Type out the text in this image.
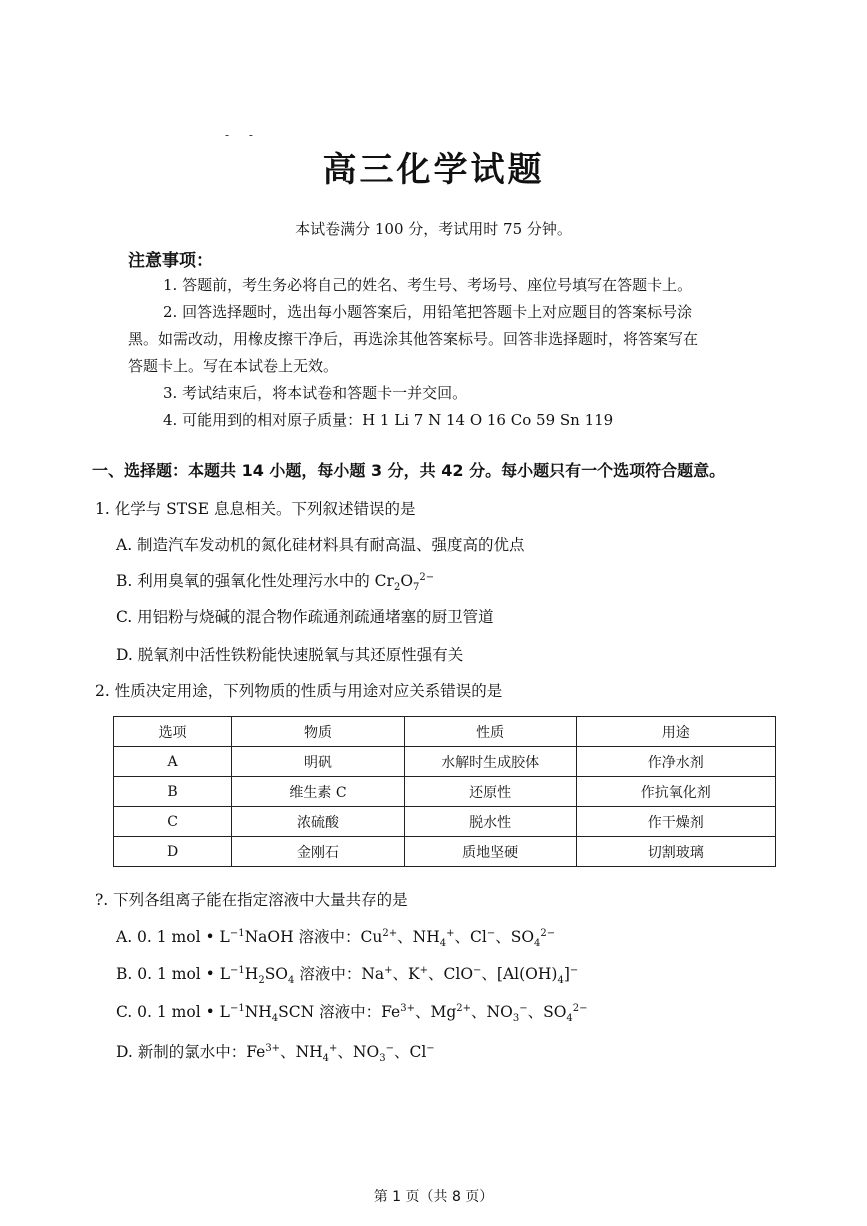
- -
高三化学试题
本试卷满分 100 分，考试用时 75 分钟。
注意事项：

1. 答题前，考生务必将自己的姓名、考生号、考场号、座位号填写在答题卡上。

2. 回答选择题时，选出每小题答案后，用铅笔把答题卡上对应题目的答案标号涂

黑。如需改动，用橡皮擦干净后，再选涂其他答案标号。回答非选择题时，将答案写在

答题卡上。写在本试卷上无效。

3. 考试结束后，将本试卷和答题卡一并交回。

4. 可能用到的相对原子质量：H 1 Li 7 N 14 O 16 Co 59 Sn 119

一、选择题：本题共 14 小题，每小题 3 分，共 42 分。每小题只有一个选项符合题意。
1. 化学与 STSE 息息相关。下列叙述错误的是
A. 制造汽车发动机的氮化硅材料具有耐高温、强度高的优点
B. 利用臭氧的强氧化性处理污水中的 $Cr_2O_7^{2-}$
C. 用铝粉与烧碱的混合物作疏通剂疏通堵塞的厨卫管道
D. 脱氧剂中活性铁粉能快速脱氧与其还原性强有关
2. 性质决定用途，下列物质的性质与用途对应关系错误的是
选项	物质	性质	用途
A	明矾	水解时生成胶体	作净水剂
B	维生素 C	还原性	作抗氧化剂
C	浓硫酸	脱水性	作干燥剂
D	金刚石	质地坚硬	切割玻璃
?. 下列各组离子能在指定溶液中大量共存的是
A. 0. 1 mol • $L^{-1}NaOH$ 溶液中：$Cu^{2+}$、$NH_4^+$、Cl−、$SO_4^{2-}$
B. 0. 1 mol • $L^{-1}H_2SO_4$ 溶液中：Na+、K+、ClO−、$[Al(OH)_4]^-$
C. 0. 1 mol • $L^{-1}NH_4SCN$ 溶液中：$Fe^{3+}$、$Mg^{2+}$、$NO_3^-$、$SO_4^{2-}$
D. 新制的氯水中：$Fe^{3+}$、$NH_4^+$、$NO_3^-$、Cl−
第 1 页（共 8 页）
